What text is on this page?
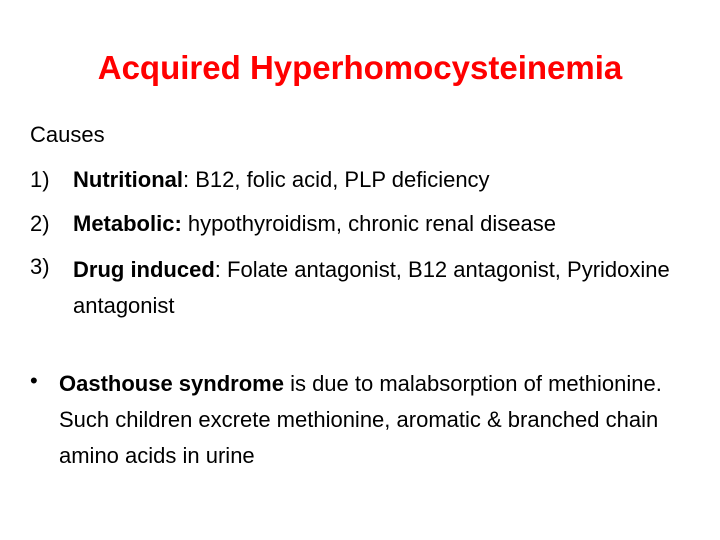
Acquired Hyperhomocysteinemia
Causes
1) Nutritional: B12, folic acid, PLP deficiency
2) Metabolic: hypothyroidism, chronic renal disease
3) Drug induced: Folate antagonist, B12 antagonist, Pyridoxine antagonist
• Oasthouse syndrome is due to malabsorption of methionine. Such children excrete methionine, aromatic & branched chain amino acids in urine
